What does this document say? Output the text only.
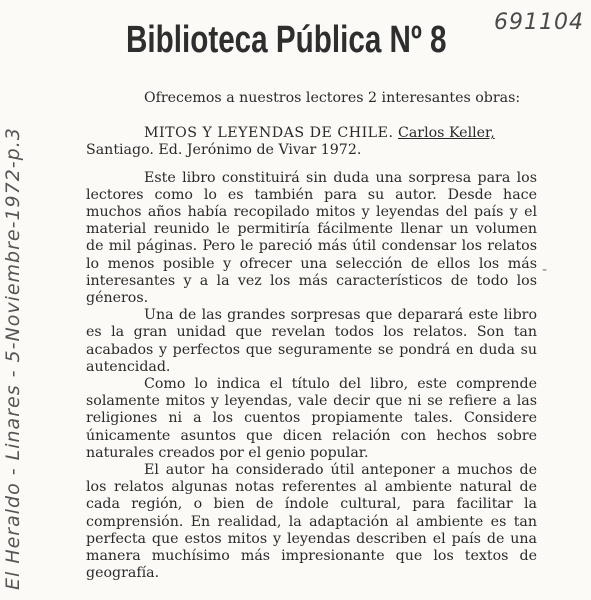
Biblioteca Pública Nº 8 691104
El Heraldo - Linares - 5-Noviembre-1972-p.3	-

Ofrecemos a nuestros lectores 2 interesantes obras:

MITOS Y LEYENDAS DE CHILE. Carlos Keller,

Santiago. Ed. Jerónimo de Vivar 1972.

Este libro constituirá sin duda una sorpresa para los lectores como lo es también para su autor. Desde hace muchos años había recopilado mitos y leyendas del país y el material reunido le permitiría fácilmente llenar un volumen de mil páginas. Pero le pareció más útil condensar los relatos lo menos posible y ofrecer una selección de ellos los más interesantes y a la vez los más característicos de todo los géneros.

Una de las grandes sorpresas que deparará este libro es la gran unidad que revelan todos los relatos. Son tan acabados y perfectos que seguramente se pondrá en duda su autencidad.

Como lo indica el título del libro, este comprende solamente mitos y leyendas, vale decir que ni se refiere a las religiones ni a los cuentos propiamente tales. Considere únicamente asuntos que dicen relación con hechos sobre naturales creados por el genio popular.

El autor ha considerado útil anteponer a muchos de los relatos algunas notas referentes al ambiente natural de cada región, o bien de índole cultural, para facilitar la comprensión. En realidad, la adaptación al ambiente es tan perfecta que estos mitos y leyendas describen el país de una manera muchísimo más impresionante que los textos de geografía.
